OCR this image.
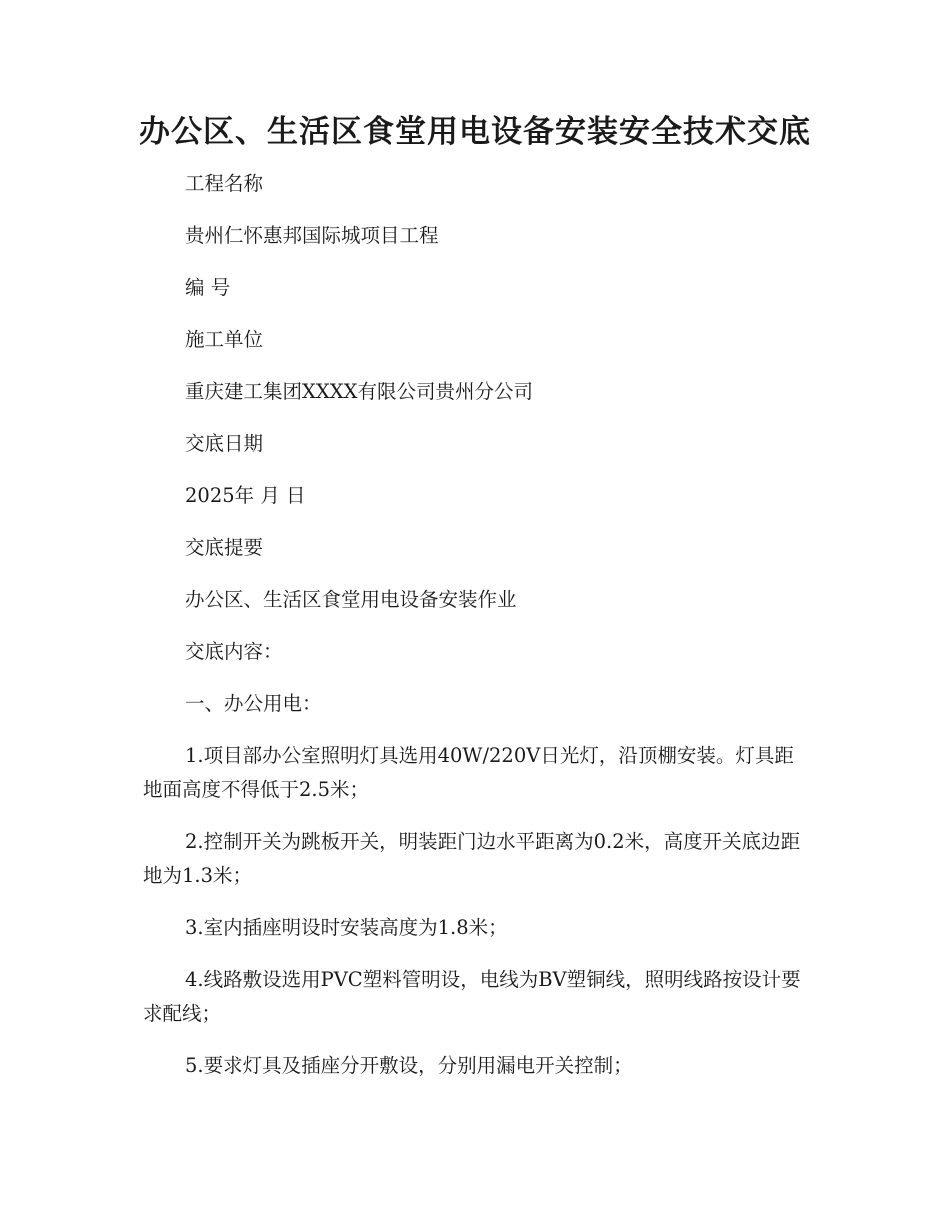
办公区、生活区食堂用电设备安装安全技术交底

工程名称

贵州仁怀惠邦国际城项目工程

编 号

施工单位

重庆建工集团XXXX有限公司贵州分公司

交底日期

2025年 月 日

交底提要

办公区、生活区食堂用电设备安装作业

交底内容：

一、办公用电：

1.项目部办公室照明灯具选用40W/220V日光灯，沿顶棚安装。灯具距地面高度不得低于2.5米；

2.控制开关为跳板开关，明装距门边水平距离为0.2米，高度开关底边距地为1.3米；

3.室内插座明设时安装高度为1.8米；

4.线路敷设选用PVC塑料管明设，电线为BV塑铜线，照明线路按设计要求配线；

5.要求灯具及插座分开敷设，分别用漏电开关控制；
